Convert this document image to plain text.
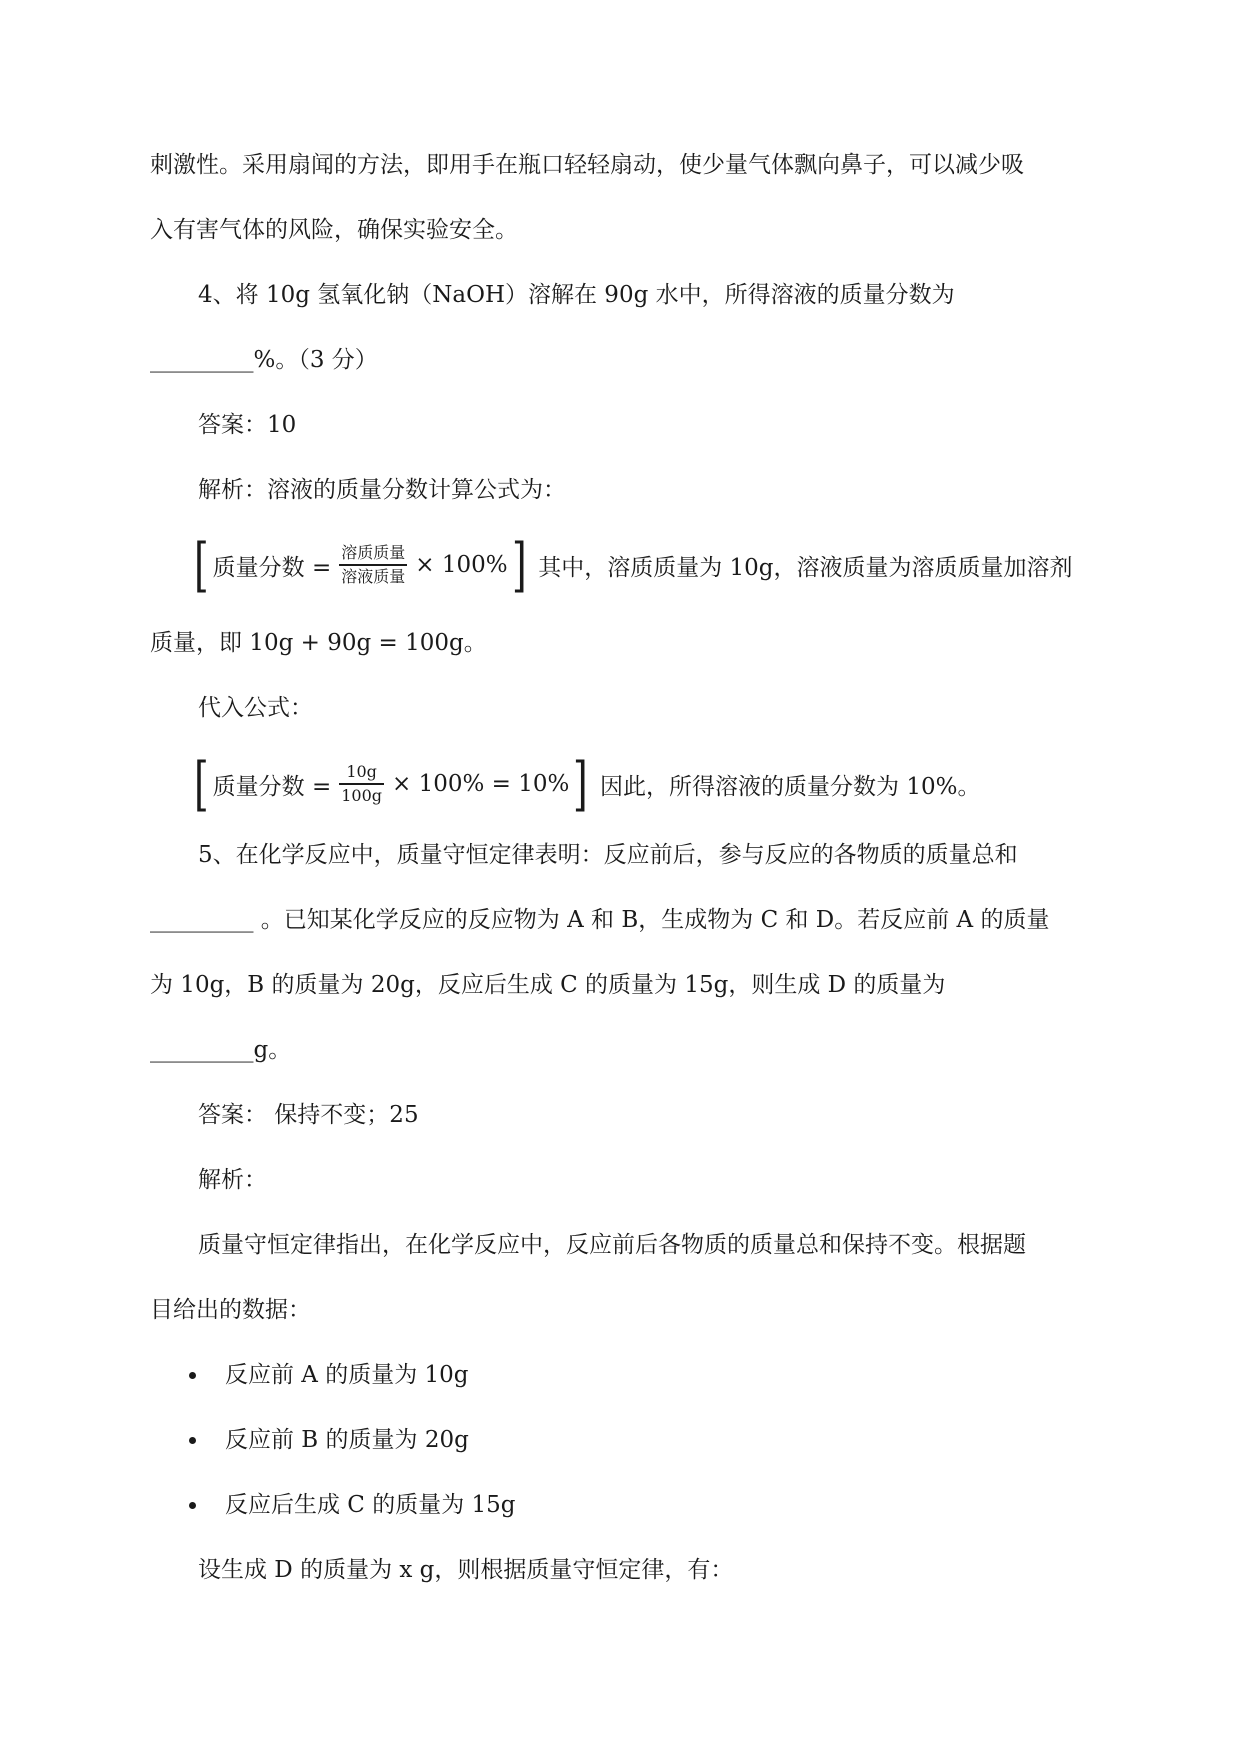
刺激性。采用扇闻的方法，即用手在瓶口轻轻扇动，使少量气体飘向鼻子，可以减少吸
入有害气体的风险，确保实验安全。
4、将 10g 氢氧化钠（NaOH）溶解在 90g 水中，所得溶液的质量分数为
_________%。（3 分）
答案：10
解析：溶液的质量分数计算公式为：
[ 质量分数 = $\frac{\text{溶质质量}}{\text{溶液质量}} \times 100\%$ ] 其中，溶质质量为 10g，溶液质量为溶质质量加溶剂
质量，即 10g + 90g = 100g。
代入公式：
[ 质量分数 = $\frac{10g}{100g} \times 100\% = 10\%$ ] 因此，所得溶液的质量分数为 10%。
5、在化学反应中，质量守恒定律表明：反应前后，参与反应的各物质的质量总和
_________ 。已知某化学反应的反应物为 A 和 B，生成物为 C 和 D。若反应前 A 的质量
为 10g，B 的质量为 20g，反应后生成 C 的质量为 15g，则生成 D 的质量为
_________g。
答案： 保持不变；25
解析：
质量守恒定律指出，在化学反应中，反应前后各物质的质量总和保持不变。根据题
目给出的数据：
反应前 A 的质量为 10g
反应前 B 的质量为 20g
反应后生成 C 的质量为 15g
设生成 D 的质量为 x g，则根据质量守恒定律，有：
